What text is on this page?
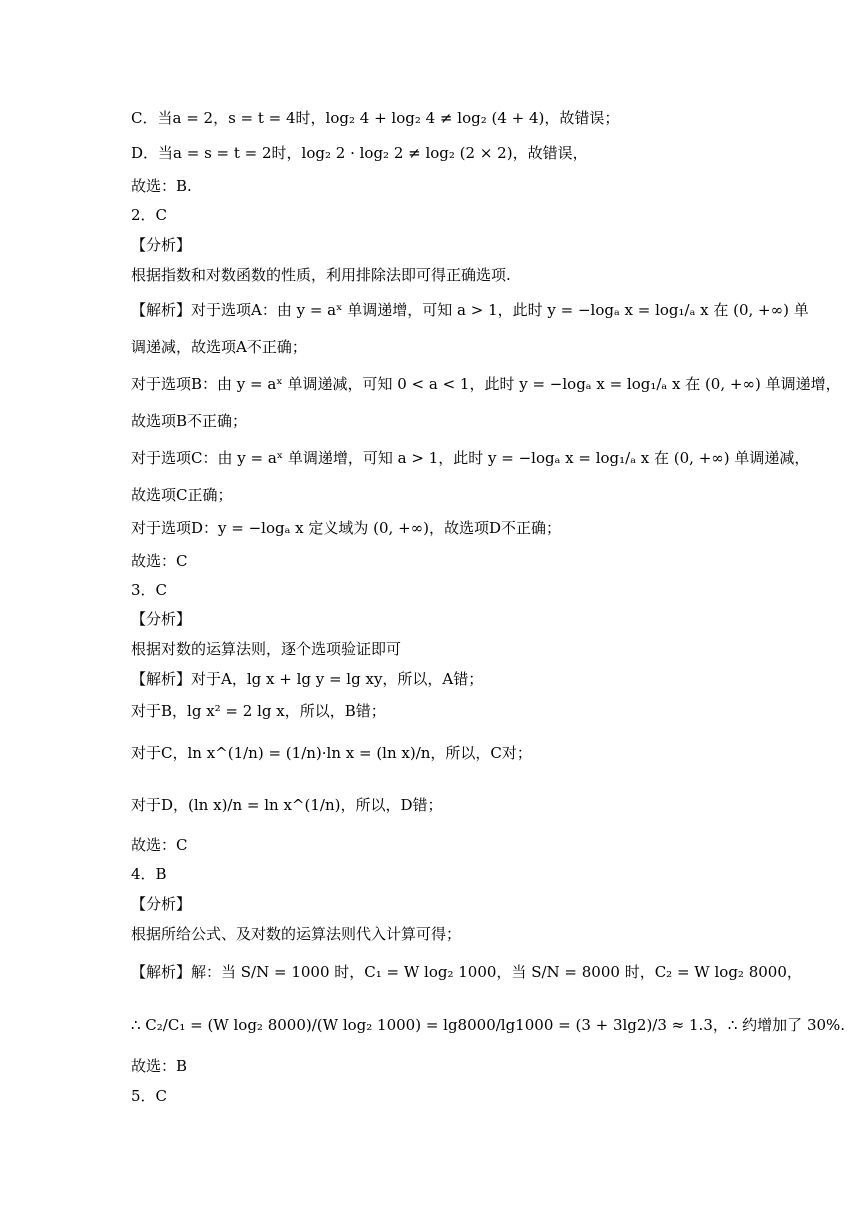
C．当a = 2，s = t = 4时，log₂ 4 + log₂ 4 ≠ log₂ (4 + 4)，故错误；
D．当a = s = t = 2时，log₂ 2 · log₂ 2 ≠ log₂ (2 × 2)，故错误，
故选：B.
2．C
【分析】
根据指数和对数函数的性质，利用排除法即可得正确选项.
【解析】对于选项A：由 y = aˣ 单调递增，可知 a > 1，此时 y = −logₐ x = log₁/ₐ x 在 (0, +∞) 单
调递减，故选项A不正确；
对于选项B：由 y = aˣ 单调递减，可知 0 < a < 1，此时 y = −logₐ x = log₁/ₐ x 在 (0, +∞) 单调递增，
故选项B不正确；
对于选项C：由 y = aˣ 单调递增，可知 a > 1，此时 y = −logₐ x = log₁/ₐ x 在 (0, +∞) 单调递减，
故选项C正确；
对于选项D：y = −logₐ x 定义域为 (0, +∞)，故选项D不正确；
故选：C
3．C
【分析】
根据对数的运算法则，逐个选项验证即可
【解析】对于A，lg x + lg y = lg xy，所以，A错；
对于B，lg x² = 2 lg x，所以，B错；
对于C，ln x^(1/n) = (1/n)·ln x = (ln x)/n，所以，C对；
对于D，(ln x)/n = ln x^(1/n)，所以，D错；
故选：C
4．B
【分析】
根据所给公式、及对数的运算法则代入计算可得；
【解析】解：当 S/N = 1000 时，C₁ = W log₂ 1000，当 S/N = 8000 时，C₂ = W log₂ 8000，
∴ C₂/C₁ = (W log₂ 8000)/(W log₂ 1000) = lg8000/lg1000 = (3 + 3lg2)/3 ≈ 1.3，∴ 约增加了 30%.
故选：B
5．C
